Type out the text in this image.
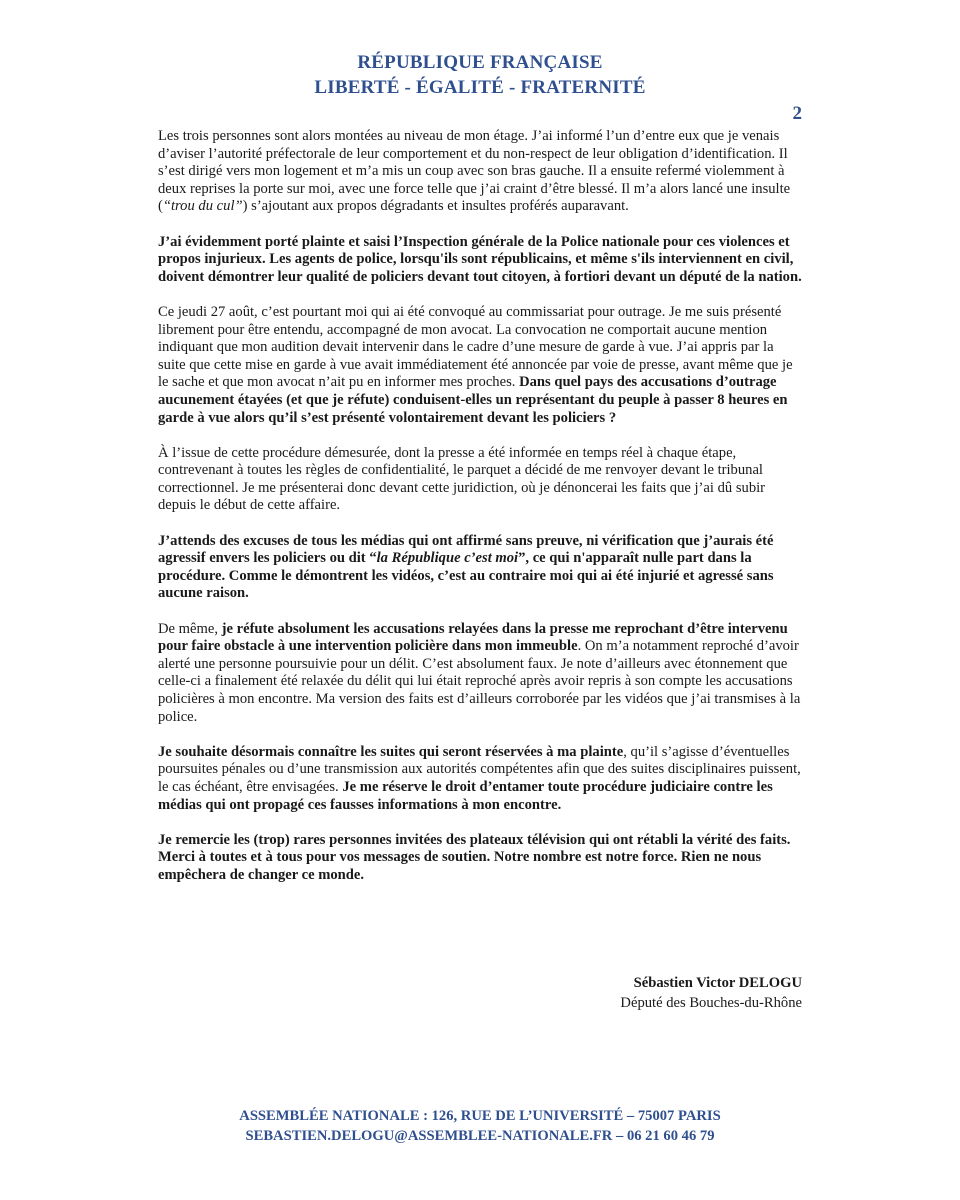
RÉPUBLIQUE FRANÇAISE
LIBERTÉ - ÉGALITÉ - FRATERNITÉ
2

Les trois personnes sont alors montées au niveau de mon étage. J’ai informé l’un d’entre eux que je venais d’aviser l’autorité préfectorale de leur comportement et du non-respect de leur obligation d’identification. Il s’est dirigé vers mon logement et m’a mis un coup avec son bras gauche. Il a ensuite refermé violemment à deux reprises la porte sur moi, avec une force telle que j’ai craint d’être blessé. Il m’a alors lancé une insulte (“trou du cul”) s’ajoutant aux propos dégradants et insultes proférés auparavant.

J’ai évidemment porté plainte et saisi l’Inspection générale de la Police nationale pour ces violences et propos injurieux. Les agents de police, lorsqu'ils sont républicains, et même s'ils interviennent en civil, doivent démontrer leur qualité de policiers devant tout citoyen, à fortiori devant un député de la nation.

Ce jeudi 27 août, c’est pourtant moi qui ai été convoqué au commissariat pour outrage. Je me suis présenté librement pour être entendu, accompagné de mon avocat. La convocation ne comportait aucune mention indiquant que mon audition devait intervenir dans le cadre d’une mesure de garde à vue. J’ai appris par la suite que cette mise en garde à vue avait immédiatement été annoncée par voie de presse, avant même que je le sache et que mon avocat n’ait pu en informer mes proches. Dans quel pays des accusations d’outrage aucunement étayées (et que je réfute) conduisent-elles un représentant du peuple à passer 8 heures en garde à vue alors qu’il s’est présenté volontairement devant les policiers ?

À l’issue de cette procédure démesurée, dont la presse a été informée en temps réel à chaque étape, contrevenant à toutes les règles de confidentialité, le parquet a décidé de me renvoyer devant le tribunal correctionnel. Je me présenterai donc devant cette juridiction, où je dénoncerai les faits que j’ai dû subir depuis le début de cette affaire.

J’attends des excuses de tous les médias qui ont affirmé sans preuve, ni vérification que j’aurais été agressif envers les policiers ou dit “la République c’est moi”, ce qui n'apparaît nulle part dans la procédure. Comme le démontrent les vidéos, c’est au contraire moi qui ai été injurié et agressé sans aucune raison.

De même, je réfute absolument les accusations relayées dans la presse me reprochant d’être intervenu pour faire obstacle à une intervention policière dans mon immeuble. On m’a notamment reproché d’avoir alerté une personne poursuivie pour un délit. C’est absolument faux. Je note d’ailleurs avec étonnement que celle-ci a finalement été relaxée du délit qui lui était reproché après avoir repris à son compte les accusations policières à mon encontre. Ma version des faits est d’ailleurs corroborée par les vidéos que j’ai transmises à la police.

Je souhaite désormais connaître les suites qui seront réservées à ma plainte, qu’il s’agisse d’éventuelles poursuites pénales ou d’une transmission aux autorités compétentes afin que des suites disciplinaires puissent, le cas échéant, être envisagées. Je me réserve le droit d’entamer toute procédure judiciaire contre les médias qui ont propagé ces fausses informations à mon encontre.

Je remercie les (trop) rares personnes invitées des plateaux télévision qui ont rétabli la vérité des faits. Merci à toutes et à tous pour vos messages de soutien. Notre nombre est notre force. Rien ne nous empêchera de changer ce monde.

Sébastien Victor DELOGU
Député des Bouches-du-Rhône
ASSEMBLÉE NATIONALE : 126, RUE DE L’UNIVERSITÉ – 75007 PARIS
SEBASTIEN.DELOGU@ASSEMBLEE-NATIONALE.FR – 06 21 60 46 79
